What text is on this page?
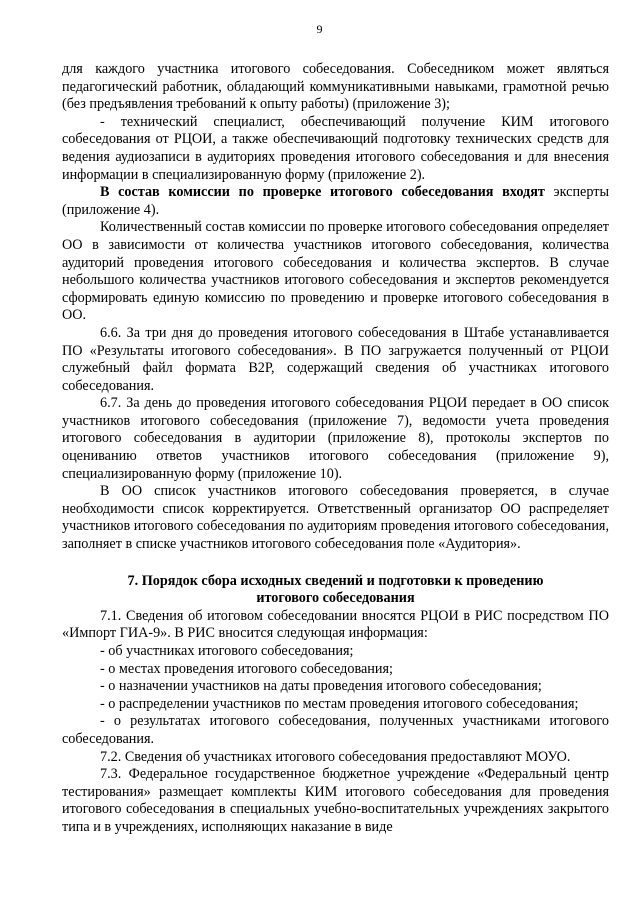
9

для каждого участника итогового собеседования. Собеседником может являться педагогический работник, обладающий коммуникативными навыками, грамотной речью (без предъявления требований к опыту работы) (приложение 3);

- технический специалист, обеспечивающий получение КИМ итогового собеседования от РЦОИ, а также обеспечивающий подготовку технических средств для ведения аудиозаписи в аудиториях проведения итогового собеседования и для внесения информации в специализированную форму (приложение 2).

В состав комиссии по проверке итогового собеседования входят эксперты (приложение 4).

Количественный состав комиссии по проверке итогового собеседования определяет ОО в зависимости от количества участников итогового собеседования, количества аудиторий проведения итогового собеседования и количества экспертов. В случае небольшого количества участников итогового собеседования и экспертов рекомендуется сформировать единую комиссию по проведению и проверке итогового собеседования в ОО.

6.6. За три дня до проведения итогового собеседования в Штабе устанавливается ПО «Результаты итогового собеседования». В ПО загружается полученный от РЦОИ служебный файл формата В2Р, содержащий сведения об участниках итогового собеседования.

6.7. За день до проведения итогового собеседования РЦОИ передает в ОО список участников итогового собеседования (приложение 7), ведомости учета проведения итогового собеседования в аудитории (приложение 8), протоколы экспертов по оцениванию ответов участников итогового собеседования (приложение 9), специализированную форму (приложение 10).

В ОО список участников итогового собеседования проверяется, в случае необходимости список корректируется. Ответственный организатор ОО распределяет участников итогового собеседования по аудиториям проведения итогового собеседования, заполняет в списке участников итогового собеседования поле «Аудитория».

7. Порядок сбора исходных сведений и подготовки к проведению
итогового собеседования

7.1. Сведения об итоговом собеседовании вносятся РЦОИ в РИС посредством ПО «Импорт ГИА-9». В РИС вносится следующая информация:

- об участниках итогового собеседования;

- о местах проведения итогового собеседования;

- о назначении участников на даты проведения итогового собеседования;

- о распределении участников по местам проведения итогового собеседования;

- о результатах итогового собеседования, полученных участниками итогового собеседования.

7.2. Сведения об участниках итогового собеседования предоставляют МОУО.

7.3. Федеральное государственное бюджетное учреждение «Федеральный центр тестирования» размещает комплекты КИМ итогового собеседования для проведения итогового собеседования в специальных учебно-воспитательных учреждениях закрытого типа и в учреждениях, исполняющих наказание в виде
